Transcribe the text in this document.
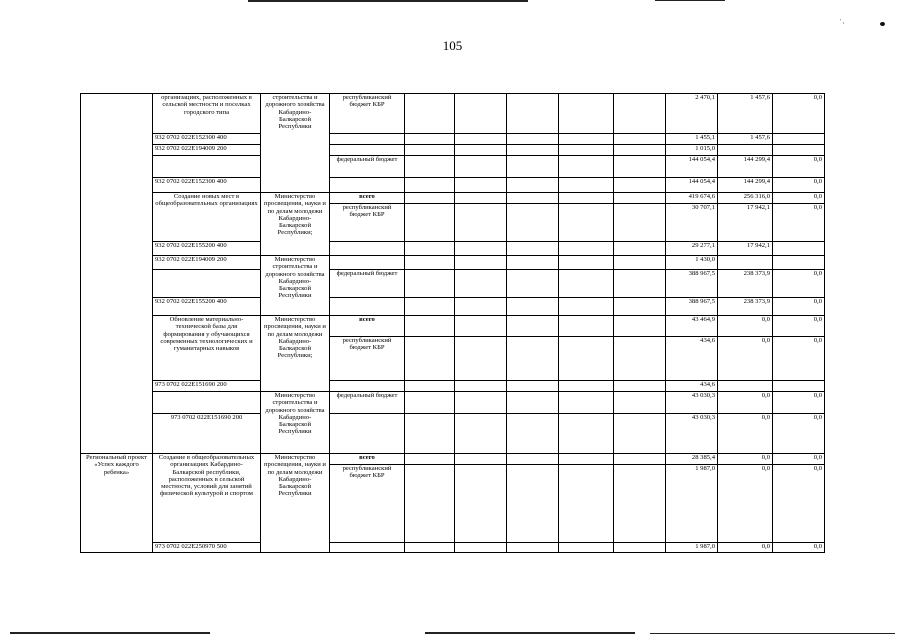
' ,
105
	организациях, расположенных в сельской местности и поселках городского типа	строительства и дорожного хозяйства Кабардино-Балкарской Республики	республиканский бюджет КБР						2 470,1	1 457,6	0,0
	932 0702 022E152300 400								1 455,1	1 457,6	
	932 0702 022E194009 200								1 015,0		
			федеральный бюджет						144 054,4	144 299,4	0,0
	932 0702 022E152300 400								144 054,4	144 299,4	0,0
	Создание новых мест в общеобразовательных организациях	Министерство просвещения, науки и по делам молодежи Кабардино-Балкарской Республики;	всего						419 674,6	256 316,0	0,0
			республиканский бюджет КБР						30 707,1	17 942,1	0,0
	932 0702 022E155200 400								29 277,1	17 942,1	
	932 0702 022E194009 200	Министерство строительства и дорожного хозяйства Кабардино-Балкарской Республики							1 430,0		
			федеральный бюджет						388 967,5	238 373,9	0,0
	932 0702 022E155200 400								388 967,5	238 373,9	0,0
	Обновление материально-технической базы для формирования у обучающихся современных технологических и гуманитарных навыков	Министерство просвещения, науки и по делам молодежи Кабардино-Балкарской Республики;	всего						43 464,9	0,0	0,0
			республиканский бюджет КБР						434,6	0,0	0,0
	973 0702 022E151690 200								434,6		
		Министерство строительства и дорожного хозяйства Кабардино-Балкарской Республики	федеральный бюджет						43 030,3	0,0	0,0
	973 0702 022E151690 200								43 030,3	0,0	0,0
Региональный проект «Успех каждого ребенка»	Создание в общеобразовательных организациях Кабардино-Балкарской республики, расположенных в сельской местности, условий для занятий физической культурой и спортом	Министерство просвещения, науки и по делам молодежи Кабардино-Балкарской Республики	всего						28 385,4	0,0	0,0
			республиканский бюджет КБР						1 987,0	0,0	0,0
	973 0702 022E250970 500								1 987,0	0,0	0,0
